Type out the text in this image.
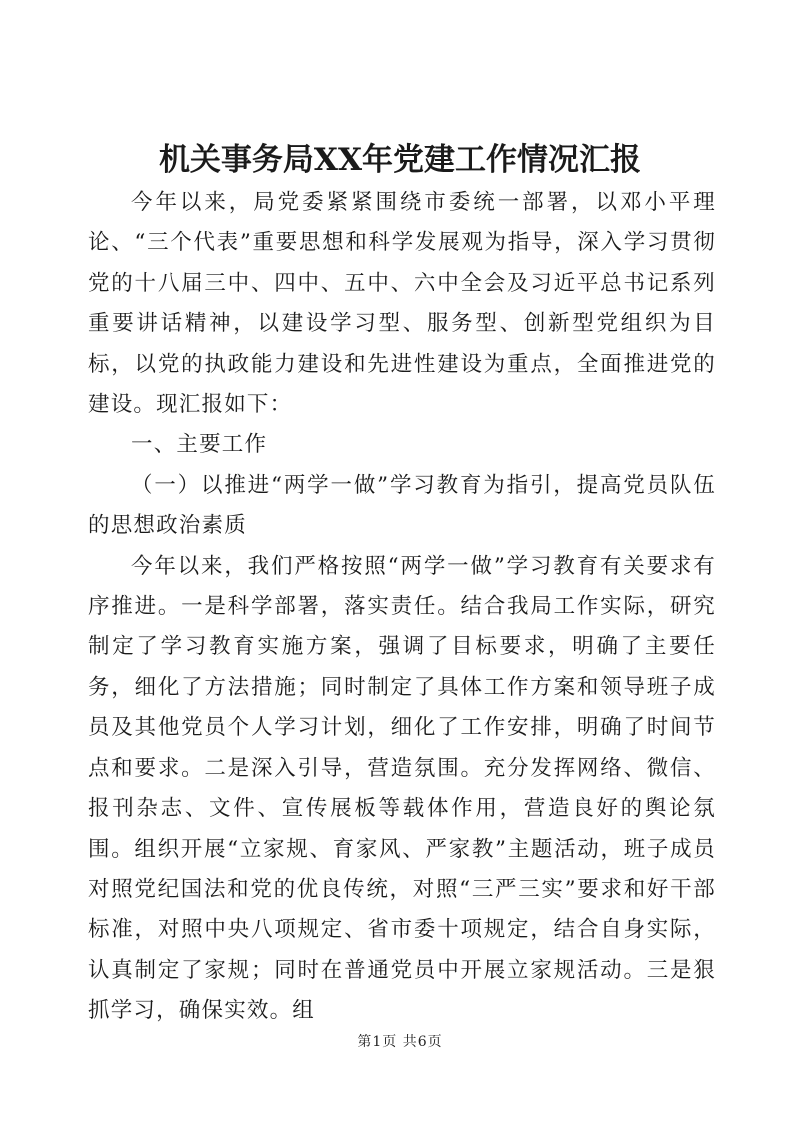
机关事务局XX年党建工作情况汇报

今年以来，局党委紧紧围绕市委统一部署，以邓小平理论、“三个代表”重要思想和科学发展观为指导，深入学习贯彻党的十八届三中、四中、五中、六中全会及习近平总书记系列重要讲话精神，以建设学习型、服务型、创新型党组织为目标，以党的执政能力建设和先进性建设为重点，全面推进党的建设。现汇报如下：

一、主要工作

（一）以推进“两学一做”学习教育为指引，提高党员队伍的思想政治素质

今年以来，我们严格按照“两学一做”学习教育有关要求有序推进。一是科学部署，落实责任。结合我局工作实际，研究制定了学习教育实施方案，强调了目标要求，明确了主要任务，细化了方法措施；同时制定了具体工作方案和领导班子成员及其他党员个人学习计划，细化了工作安排，明确了时间节点和要求。二是深入引导，营造氛围。充分发挥网络、微信、报刊杂志、文件、宣传展板等载体作用，营造良好的舆论氛围。组织开展“立家规、育家风、严家教”主题活动，班子成员对照党纪国法和党的优良传统，对照“三严三实”要求和好干部标准，对照中央八项规定、省市委十项规定，结合自身实际，认真制定了家规；同时在普通党员中开展立家规活动。三是狠抓学习，确保实效。组

第1页 共6页
